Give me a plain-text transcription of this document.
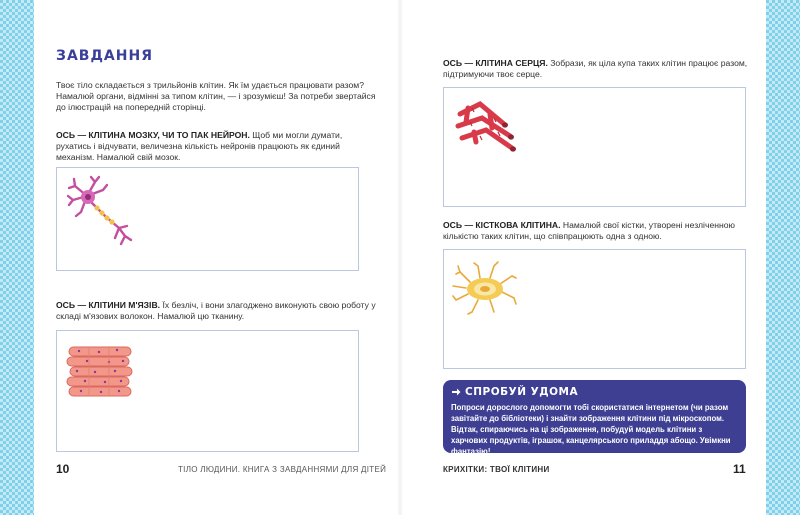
ЗАВДАННЯ
Твоє тіло складається з трильйонів клітин. Як їм удається працювати разом? Намалюй органи, відмінні за типом клітин, — і зрозумієш! За потреби звертайся до ілюстрацій на попередній сторінці.
ОСЬ — КЛІТИНА МОЗКУ, ЧИ ТО ПАК НЕЙРОН. Щоб ми могли думати, рухатись і відчувати, величезна кількість нейронів працюють як єдиний механізм. Намалюй свій мозок.
ОСЬ — КЛІТИНИ М'ЯЗІВ. Їх безліч, і вони злагоджено виконують свою роботу у складі м'язових волокон. Намалюй цю тканину.
10	ТІЛО ЛЮДИНИ. КНИГА З ЗАВДАННЯМИ ДЛЯ ДІТЕЙ
ОСЬ — КЛІТИНА СЕРЦЯ. Зобрази, як ціла купа таких клітин працює разом, підтримуючи твоє серце.
ОСЬ — КІСТКОВА КЛІТИНА. Намалюй свої кістки, утворені незліченною кількістю таких клітин, що співпрацюють одна з одною.
СПРОБУЙ УДОМА
Попроси дорослого допомогти тобі скористатися інтернетом (чи разом завітайте до бібліотеки) і знайти зображення клітини під мікроскопом. Відтак, спираючись на ці зображення, побудуй модель клітини з харчових продуктів, іграшок, канцелярського приладдя абощо. Увімкни фантазію!
КРИХІТКИ: ТВОЇ КЛІТИНИ	11
